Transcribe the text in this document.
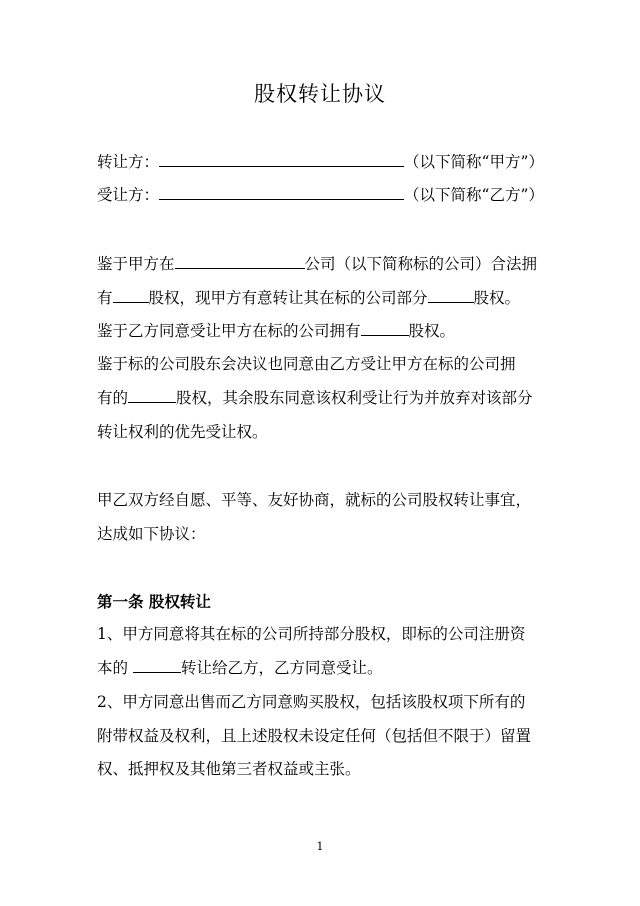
股权转让协议
转让方：	（以下简称“甲方”）
受让方：	（以下简称“乙方”）
鉴于甲方在	公司（以下简称标的公司）合法拥
有 股权，现甲方有意转让其在标的公司部分	股权。
鉴于乙方同意受让甲方在标的公司拥有	股权。
鉴于标的公司股东会决议也同意由乙方受让甲方在标的公司拥
有的	股权，其余股东同意该权利受让行为并放弃对该部分
转让权利的优先受让权。
甲乙双方经自愿、平等、友好协商，就标的公司股权转让事宜，
达成如下协议：
第一条 股权转让
1、甲方同意将其在标的公司所持部分股权，即标的公司注册资
本的	转让给乙方，乙方同意受让。
2、甲方同意出售而乙方同意购买股权，包括该股权项下所有的
附带权益及权利，且上述股权未设定任何（包括但不限于）留置
权、抵押权及其他第三者权益或主张。
1
